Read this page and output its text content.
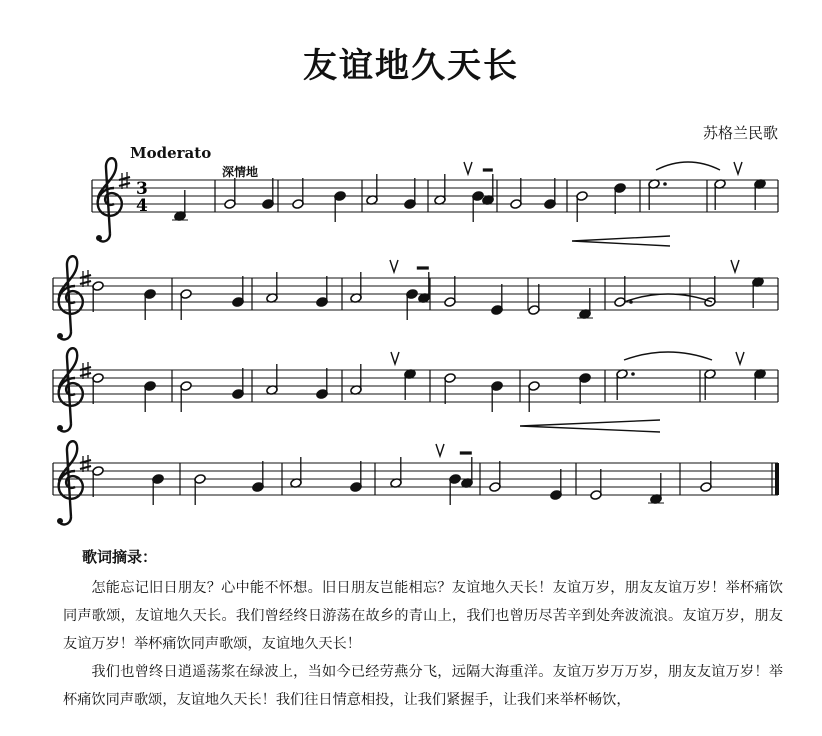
友谊地久天长
苏格兰民歌
Moderato
深情地
3
4
歌词摘录：

怎能忘记旧日朋友？心中能不怀想。旧日朋友岂能相忘？友谊地久天长！友谊万岁，朋友友谊万岁！举杯痛饮同声歌颂，友谊地久天长。我们曾经终日游荡在故乡的青山上，我们也曾历尽苦辛到处奔波流浪。友谊万岁，朋友友谊万岁！举杯痛饮同声歌颂，友谊地久天长！

我们也曾终日逍遥荡浆在绿波上，当如今已经劳燕分飞，远隔大海重洋。友谊万岁万万岁，朋友友谊万岁！举杯痛饮同声歌颂，友谊地久天长！我们往日情意相投，让我们紧握手，让我们来举杯畅饮，
